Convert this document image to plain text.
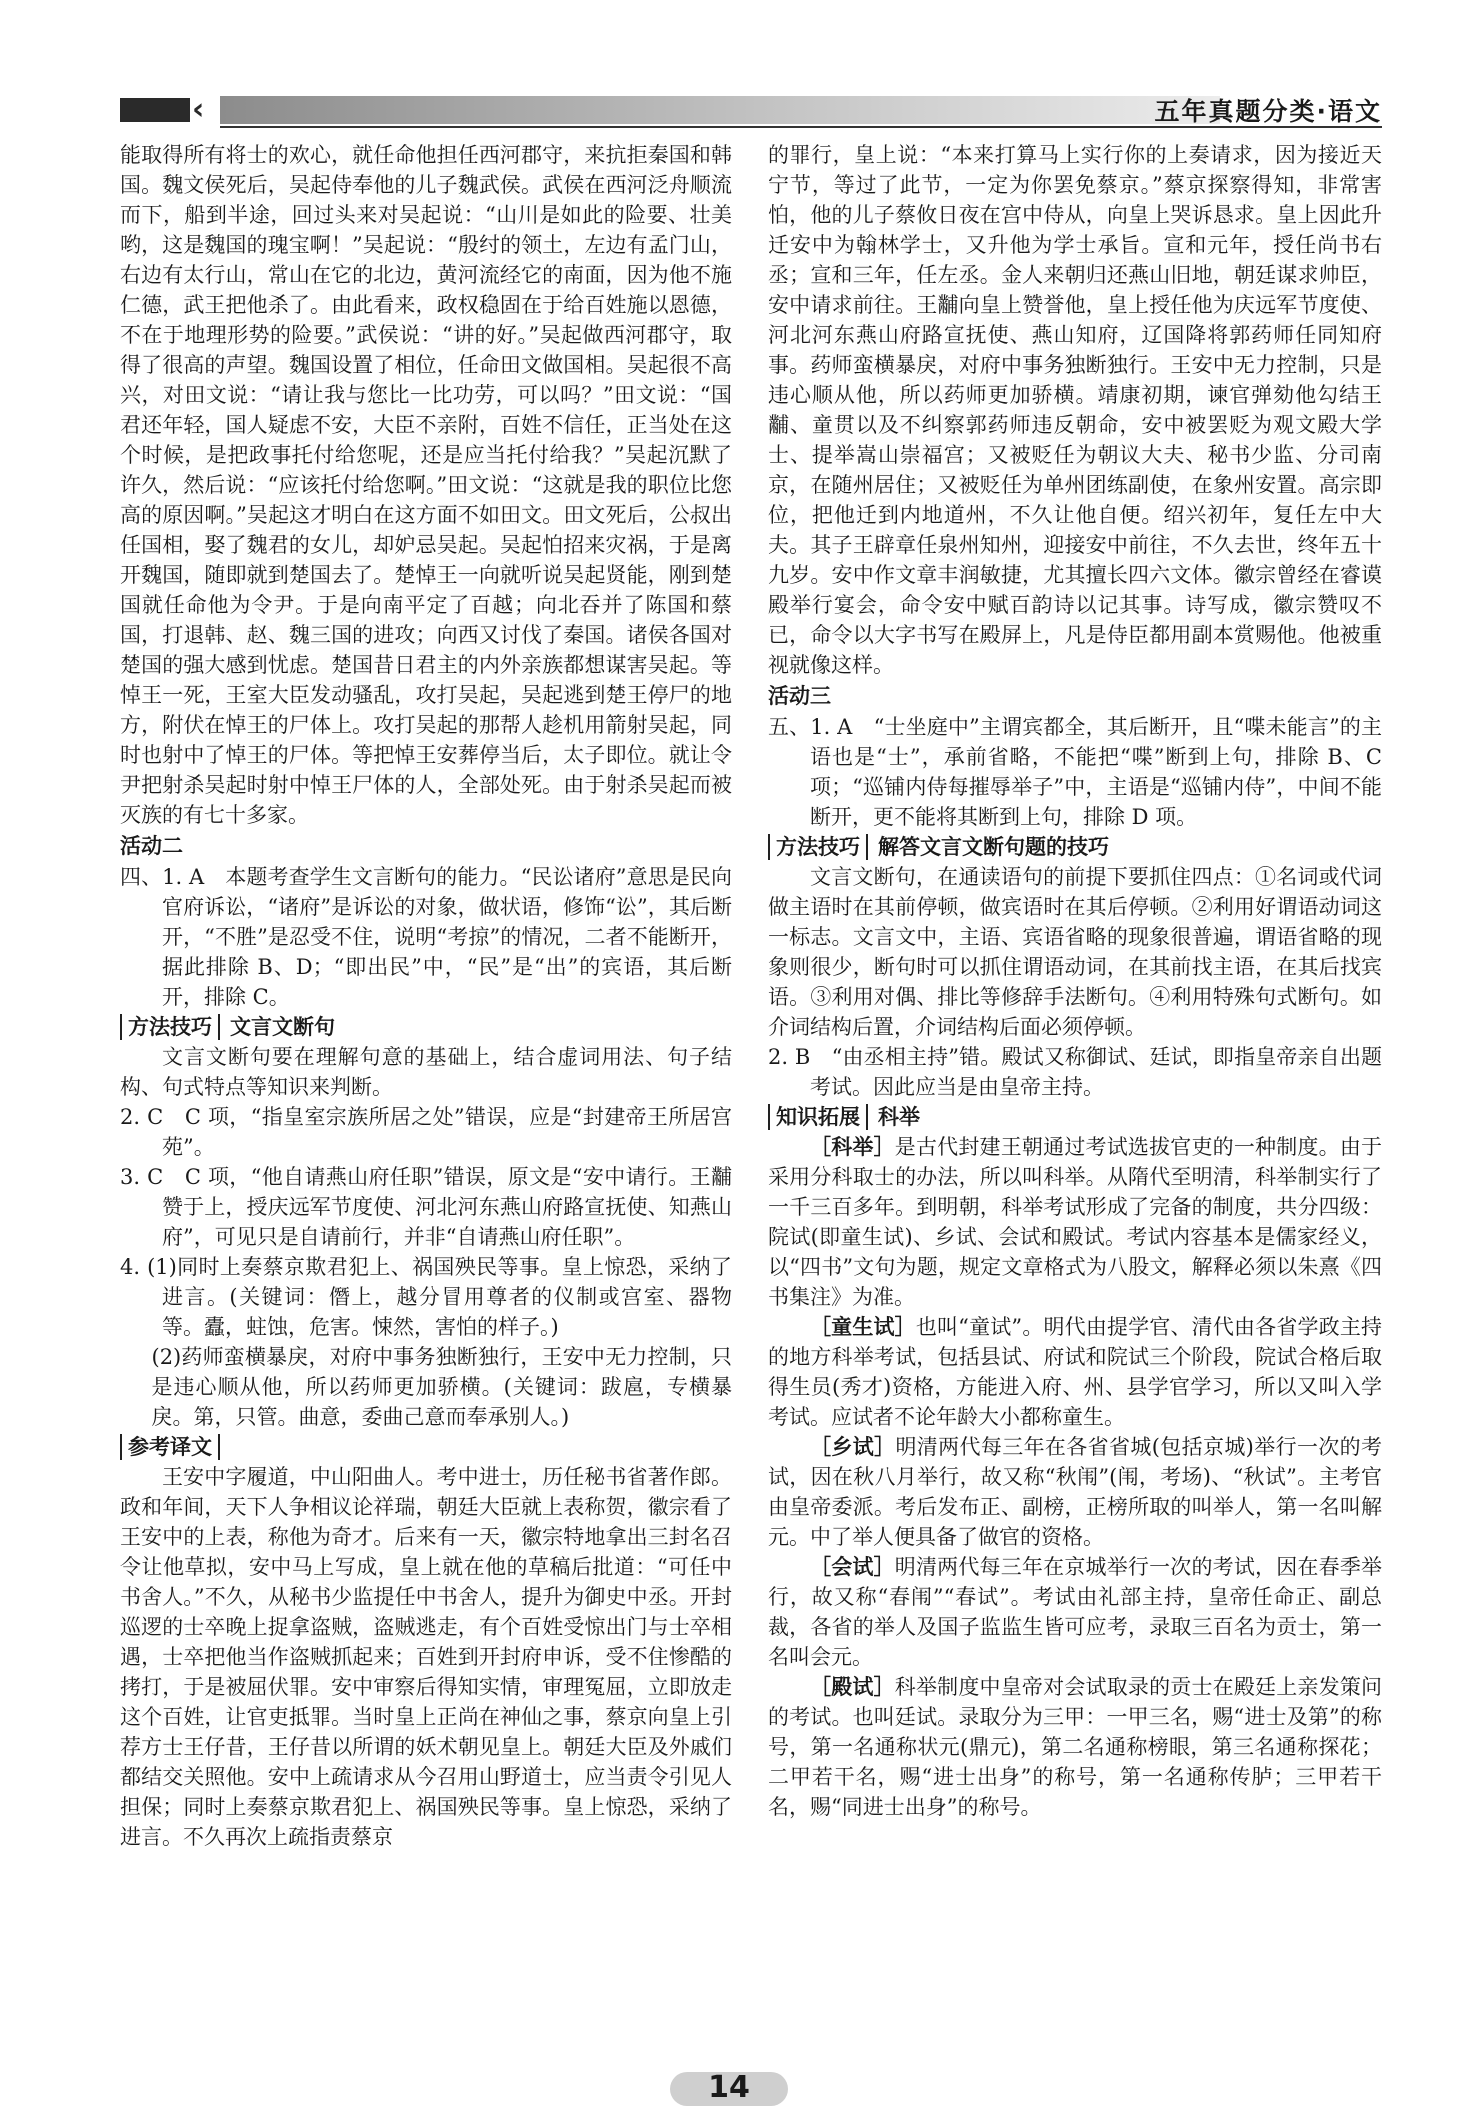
‹	五年真题分类·语文

能取得所有将士的欢心，就任命他担任西河郡守，来抗拒秦国和韩国。魏文侯死后，吴起侍奉他的儿子魏武侯。武侯在西河泛舟顺流而下，船到半途，回过头来对吴起说：“山川是如此的险要、壮美哟，这是魏国的瑰宝啊！”吴起说：“殷纣的领土，左边有孟门山，右边有太行山，常山在它的北边，黄河流经它的南面，因为他不施仁德，武王把他杀了。由此看来，政权稳固在于给百姓施以恩德，不在于地理形势的险要。”武侯说：“讲的好。”吴起做西河郡守，取得了很高的声望。魏国设置了相位，任命田文做国相。吴起很不高兴，对田文说：“请让我与您比一比功劳，可以吗？”田文说：“国君还年轻，国人疑虑不安，大臣不亲附，百姓不信任，正当处在这个时候，是把政事托付给您呢，还是应当托付给我？”吴起沉默了许久，然后说：“应该托付给您啊。”田文说：“这就是我的职位比您高的原因啊。”吴起这才明白在这方面不如田文。田文死后，公叔出任国相，娶了魏君的女儿，却妒忌吴起。吴起怕招来灾祸，于是离开魏国，随即就到楚国去了。楚悼王一向就听说吴起贤能，刚到楚国就任命他为令尹。于是向南平定了百越；向北吞并了陈国和蔡国，打退韩、赵、魏三国的进攻；向西又讨伐了秦国。诸侯各国对楚国的强大感到忧虑。楚国昔日君主的内外亲族都想谋害吴起。等悼王一死，王室大臣发动骚乱，攻打吴起，吴起逃到楚王停尸的地方，附伏在悼王的尸体上。攻打吴起的那帮人趁机用箭射吴起，同时也射中了悼王的尸体。等把悼王安葬停当后，太子即位。就让令尹把射杀吴起时射中悼王尸体的人，全部处死。由于射杀吴起而被灭族的有七十多家。

活动二

四、1. A　本题考查学生文言断句的能力。“民讼诸府”意思是民向官府诉讼，“诸府”是诉讼的对象，做状语，修饰“讼”，其后断开，“不胜”是忍受不住，说明“考掠”的情况，二者不能断开，据此排除 B、D；“即出民”中，“民”是“出”的宾语，其后断开，排除 C。

方法技巧 文言文断句

文言文断句要在理解句意的基础上，结合虚词用法、句子结构、句式特点等知识来判断。

2. C　C 项，“指皇室宗族所居之处”错误，应是“封建帝王所居宫苑”。

3. C　C 项，“他自请燕山府任职”错误，原文是“安中请行。王黼赞于上，授庆远军节度使、河北河东燕山府路宣抚使、知燕山府”，可见只是自请前行，并非“自请燕山府任职”。

4. (1)同时上奏蔡京欺君犯上、祸国殃民等事。皇上惊恐，采纳了进言。(关键词：僭上，越分冒用尊者的仪制或宫室、器物等。蠹，蛀蚀，危害。悚然，害怕的样子。)

(2)药师蛮横暴戾，对府中事务独断独行，王安中无力控制，只是违心顺从他，所以药师更加骄横。(关键词：跋扈，专横暴戾。第，只管。曲意，委曲己意而奉承别人。)

参考译文

王安中字履道，中山阳曲人。考中进士，历任秘书省著作郎。政和年间，天下人争相议论祥瑞，朝廷大臣就上表称贺，徽宗看了王安中的上表，称他为奇才。后来有一天，徽宗特地拿出三封名召令让他草拟，安中马上写成，皇上就在他的草稿后批道：“可任中书舍人。”不久，从秘书少监提任中书舍人，提升为御史中丞。开封巡逻的士卒晚上捉拿盗贼，盗贼逃走，有个百姓受惊出门与士卒相遇，士卒把他当作盗贼抓起来；百姓到开封府申诉，受不住惨酷的拷打，于是被屈伏罪。安中审察后得知实情，审理冤屈，立即放走这个百姓，让官吏抵罪。当时皇上正尚在神仙之事，蔡京向皇上引荐方士王仔昔，王仔昔以所谓的妖术朝见皇上。朝廷大臣及外戚们都结交关照他。安中上疏请求从今召用山野道士，应当责令引见人担保；同时上奏蔡京欺君犯上、祸国殃民等事。皇上惊恐，采纳了进言。不久再次上疏指责蔡京

的罪行，皇上说：“本来打算马上实行你的上奏请求，因为接近天宁节，等过了此节，一定为你罢免蔡京。”蔡京探察得知，非常害怕，他的儿子蔡攸日夜在宫中侍从，向皇上哭诉恳求。皇上因此升迁安中为翰林学士，又升他为学士承旨。宣和元年，授任尚书右丞；宣和三年，任左丞。金人来朝归还燕山旧地，朝廷谋求帅臣，安中请求前往。王黼向皇上赞誉他，皇上授任他为庆远军节度使、河北河东燕山府路宣抚使、燕山知府，辽国降将郭药师任同知府事。药师蛮横暴戾，对府中事务独断独行。王安中无力控制，只是违心顺从他，所以药师更加骄横。靖康初期，谏官弹劾他勾结王黼、童贯以及不纠察郭药师违反朝命，安中被罢贬为观文殿大学士、提举嵩山崇福宫；又被贬任为朝议大夫、秘书少监、分司南京，在随州居住；又被贬任为单州团练副使，在象州安置。高宗即位，把他迁到内地道州，不久让他自便。绍兴初年，复任左中大夫。其子王辟章任泉州知州，迎接安中前往，不久去世，终年五十九岁。安中作文章丰润敏捷，尤其擅长四六文体。徽宗曾经在睿谟殿举行宴会，命令安中赋百韵诗以记其事。诗写成，徽宗赞叹不已，命令以大字书写在殿屏上，凡是侍臣都用副本赏赐他。他被重视就像这样。

活动三

五、1. A　“士坐庭中”主谓宾都全，其后断开，且“喋未能言”的主语也是“士”，承前省略，不能把“喋”断到上句，排除 B、C 项；“巡铺内侍每摧辱举子”中，主语是“巡铺内侍”，中间不能断开，更不能将其断到上句，排除 D 项。

方法技巧 解答文言文断句题的技巧

文言文断句，在通读语句的前提下要抓住四点：①名词或代词做主语时在其前停顿，做宾语时在其后停顿。②利用好谓语动词这一标志。文言文中，主语、宾语省略的现象很普遍，谓语省略的现象则很少，断句时可以抓住谓语动词，在其前找主语，在其后找宾语。③利用对偶、排比等修辞手法断句。④利用特殊句式断句。如介词结构后置，介词结构后面必须停顿。

2. B　“由丞相主持”错。殿试又称御试、廷试，即指皇帝亲自出题考试。因此应当是由皇帝主持。

知识拓展 科举

［科举］是古代封建王朝通过考试选拔官吏的一种制度。由于采用分科取士的办法，所以叫科举。从隋代至明清，科举制实行了一千三百多年。到明朝，科举考试形成了完备的制度，共分四级：院试(即童生试)、乡试、会试和殿试。考试内容基本是儒家经义，以“四书”文句为题，规定文章格式为八股文，解释必须以朱熹《四书集注》为准。

［童生试］也叫“童试”。明代由提学官、清代由各省学政主持的地方科举考试，包括县试、府试和院试三个阶段，院试合格后取得生员(秀才)资格，方能进入府、州、县学官学习，所以又叫入学考试。应试者不论年龄大小都称童生。

［乡试］明清两代每三年在各省省城(包括京城)举行一次的考试，因在秋八月举行，故又称“秋闱”(闱，考场)、“秋试”。主考官由皇帝委派。考后发布正、副榜，正榜所取的叫举人，第一名叫解元。中了举人便具备了做官的资格。

［会试］明清两代每三年在京城举行一次的考试，因在春季举行，故又称“春闱”“春试”。考试由礼部主持，皇帝任命正、副总裁，各省的举人及国子监监生皆可应考，录取三百名为贡士，第一名叫会元。

［殿试］科举制度中皇帝对会试取录的贡士在殿廷上亲发策问的考试。也叫廷试。录取分为三甲：一甲三名，赐“进士及第”的称号，第一名通称状元(鼎元)，第二名通称榜眼，第三名通称探花；二甲若干名，赐“进士出身”的称号，第一名通称传胪；三甲若干名，赐“同进士出身”的称号。

14
